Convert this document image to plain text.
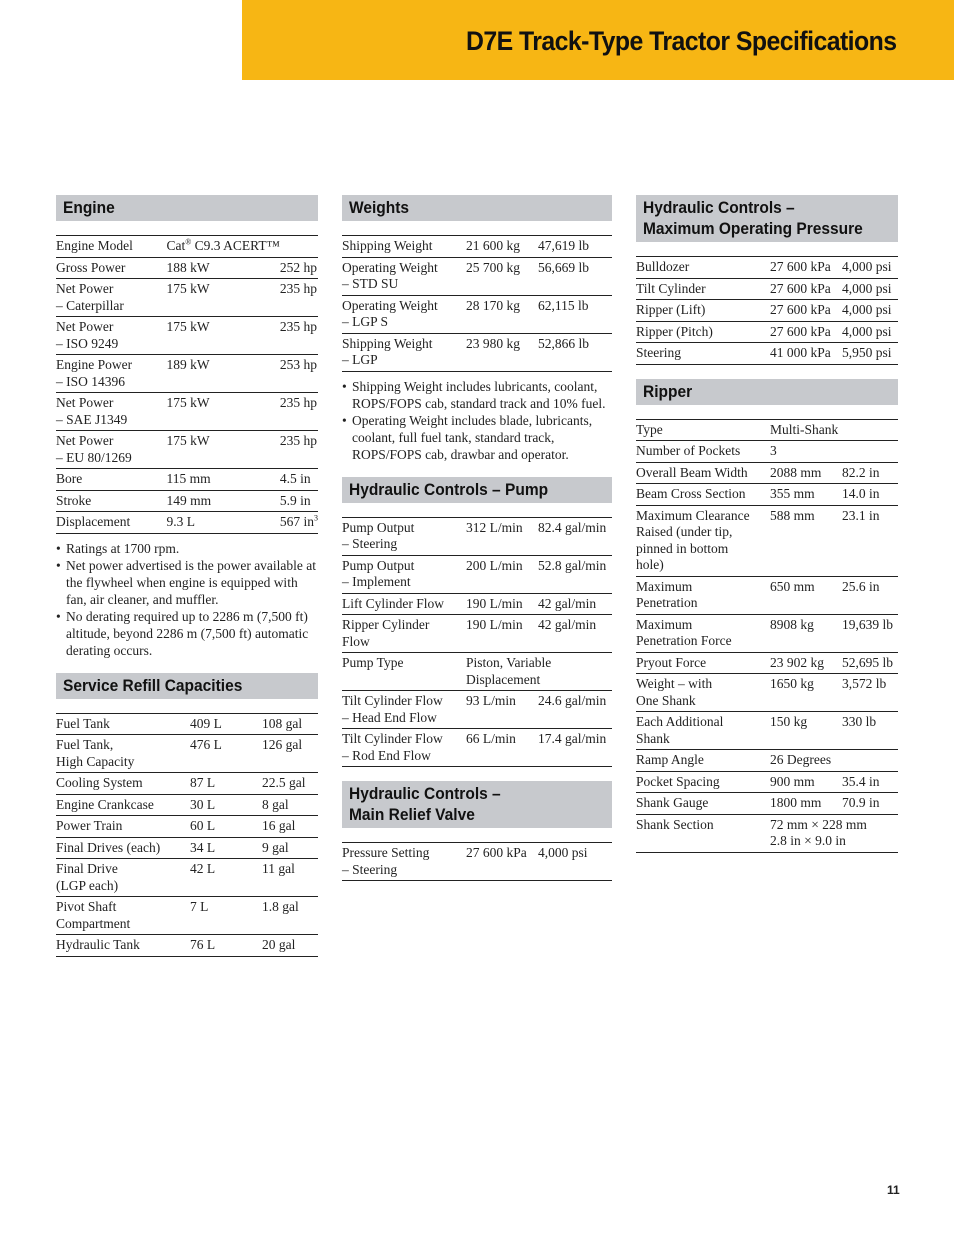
D7E Track-Type Tractor Specifications
Engine
Engine Model	Cat® C9.3 ACERT™	
Gross Power	188 kW	252 hp
Net Power
– Caterpillar	175 kW	235 hp
Net Power
– ISO 9249	175 kW	235 hp
Engine Power
– ISO 14396	189 kW	253 hp
Net Power
– SAE J1349	175 kW	235 hp
Net Power
– EU 80/1269	175 kW	235 hp
Bore	115 mm	4.5 in
Stroke	149 mm	5.9 in
Displacement	9.3 L	567 $in^3$
• Ratings at 1700 rpm.
• Net power advertised is the power available at the flywheel when engine is equipped with fan, air cleaner, and muffler.
• No derating required up to 2286 m (7,500 ft) altitude, beyond 2286 m (7,500 ft) automatic derating occurs.
Service Refill Capacities
Fuel Tank	409 L	108 gal
Fuel Tank,
High Capacity	476 L	126 gal
Cooling System	87 L	22.5 gal
Engine Crankcase	30 L	8 gal
Power Train	60 L	16 gal
Final Drives (each)	34 L	9 gal
Final Drive
(LGP each)	42 L	11 gal
Pivot Shaft
Compartment	7 L	1.8 gal
Hydraulic Tank	76 L	20 gal
Weights
Shipping Weight	21 600 kg	47,619 lb
Operating Weight
– STD SU	25 700 kg	56,669 lb
Operating Weight
– LGP S	28 170 kg	62,115 lb
Shipping Weight
– LGP	23 980 kg	52,866 lb
• Shipping Weight includes lubricants, coolant, ROPS/FOPS cab, standard track and 10% fuel.
• Operating Weight includes blade, lubricants, coolant, full fuel tank, standard track, ROPS/FOPS cab, drawbar and operator.
Hydraulic Controls – Pump
Pump Output
– Steering	312 L/min	82.4 gal/min
Pump Output
– Implement	200 L/min	52.8 gal/min
Lift Cylinder Flow	190 L/min	42 gal/min
Ripper Cylinder
Flow	190 L/min	42 gal/min
Pump Type	Piston, Variable
Displacement	
Tilt Cylinder Flow
– Head End Flow	93 L/min	24.6 gal/min
Tilt Cylinder Flow
– Rod End Flow	66 L/min	17.4 gal/min
Hydraulic Controls –
Main Relief Valve
Pressure Setting
– Steering	27 600 kPa	4,000 psi
Hydraulic Controls –
Maximum Operating Pressure
Bulldozer	27 600 kPa	4,000 psi
Tilt Cylinder	27 600 kPa	4,000 psi
Ripper (Lift)	27 600 kPa	4,000 psi
Ripper (Pitch)	27 600 kPa	4,000 psi
Steering	41 000 kPa	5,950 psi
Ripper
Type	Multi-Shank	
Number of Pockets	3	
Overall Beam Width	2088 mm	82.2 in
Beam Cross Section	355 mm	14.0 in
Maximum Clearance
Raised (under tip,
pinned in bottom
hole)	588 mm	23.1 in
Maximum
Penetration	650 mm	25.6 in
Maximum
Penetration Force	8908 kg	19,639 lb
Pryout Force	23 902 kg	52,695 lb
Weight – with
One Shank	1650 kg	3,572 lb
Each Additional
Shank	150 kg	330 lb
Ramp Angle	26 Degrees	
Pocket Spacing	900 mm	35.4 in
Shank Gauge	1800 mm	70.9 in
Shank Section	72 mm × 228 mm
2.8 in × 9.0 in	
11
